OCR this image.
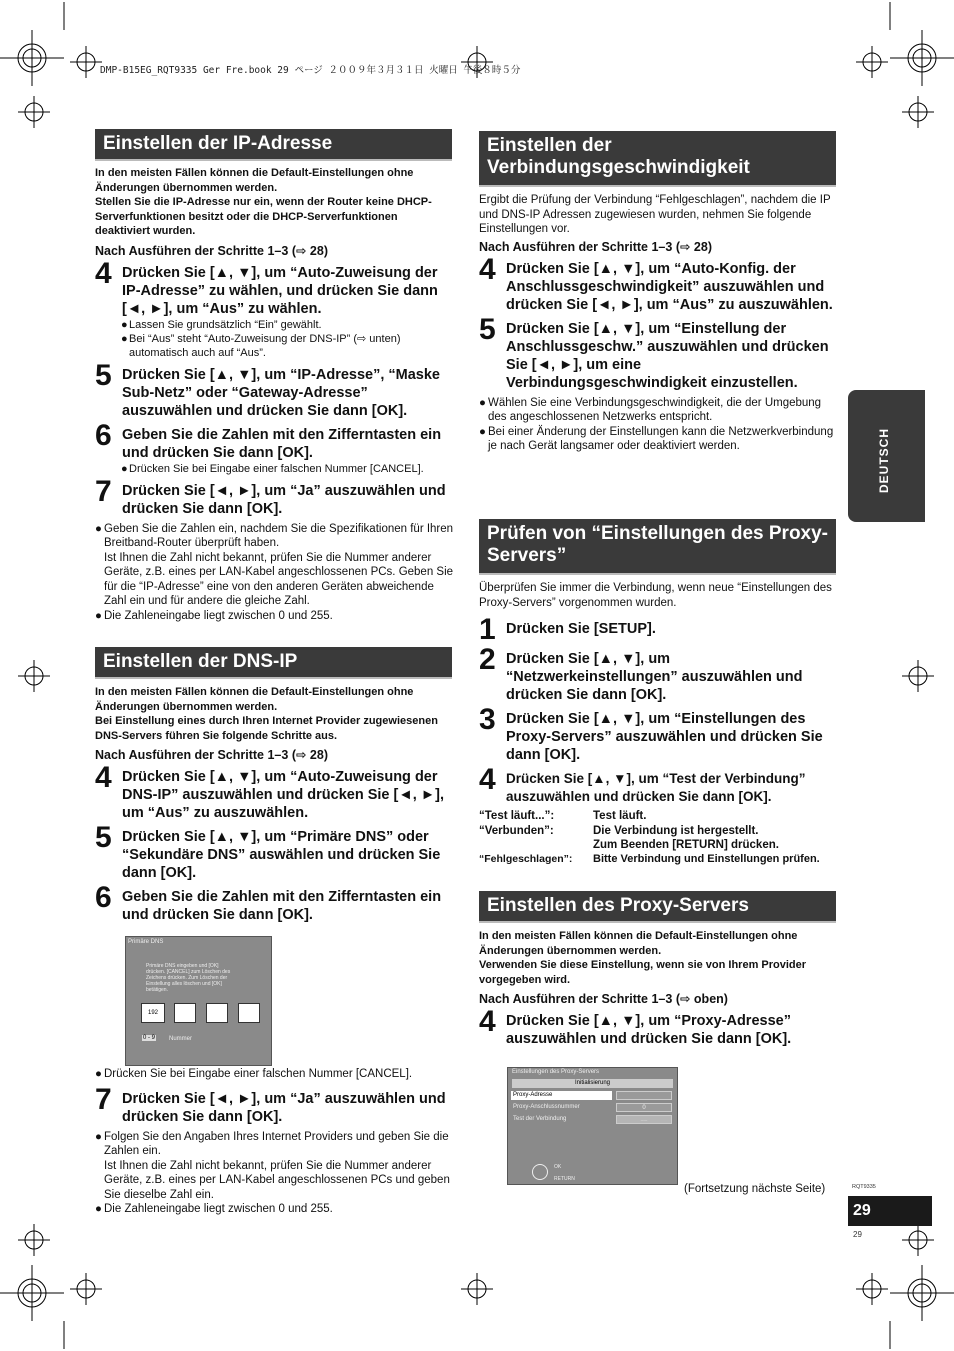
DMP-B15EG_RQT9335 Ger Fre.book 29 ページ ２００９年３月３１日 火曜日 午後８時５分
Einstellen der IP-Adresse

In den meisten Fällen können die Default-Einstellungen ohne Änderungen übernommen werden.
Stellen Sie die IP-Adresse nur ein, wenn der Router keine DHCP-Serverfunktionen besitzt oder die DHCP-Serverfunktionen deaktiviert wurden.

Nach Ausführen der Schritte 1–3 (⇨ 28)
4 Drücken Sie [▲, ▼], um “Auto-Zuweisung der IP-Adresse” zu wählen, und drücken Sie dann [◄, ►], um “Aus” zu wählen.
● Lassen Sie grundsätzlich “Ein” gewählt.
● Bei “Aus” steht “Auto-Zuweisung der DNS-IP” (⇨ unten) automatisch auch auf “Aus”.
5 Drücken Sie [▲, ▼], um “IP-Adresse”, “Maske Sub-Netz” oder “Gateway-Adresse” auszuwählen und drücken Sie dann [OK].
6 Geben Sie die Zahlen mit den Zifferntasten ein und drücken Sie dann [OK].
● Drücken Sie bei Eingabe einer falschen Nummer [CANCEL].
7 Drücken Sie [◄, ►], um “Ja” auszuwählen und drücken Sie dann [OK].
● Geben Sie die Zahlen ein, nachdem Sie die Spezifikationen für Ihren Breitband-Router überprüft haben.

Ist Ihnen die Zahl nicht bekannt, prüfen Sie die Nummer anderer Geräte, z.B. eines per LAN-Kabel angeschlossenen PCs. Geben Sie für die “IP-Adresse” eine von den anderen Geräten abweichende Zahl ein und für andere die gleiche Zahl.

● Die Zahleneingabe liegt zwischen 0 und 255.
Einstellen der DNS-IP

In den meisten Fällen können die Default-Einstellungen ohne Änderungen übernommen werden.
Bei Einstellung eines durch Ihren Internet Provider zugewiesenen DNS-Servers führen Sie folgende Schritte aus.

Nach Ausführen der Schritte 1–3 (⇨ 28)
4 Drücken Sie [▲, ▼], um “Auto-Zuweisung der DNS-IP” auszuwählen und drücken Sie [◄, ►], um “Aus” zu auszuwählen.
5 Drücken Sie [▲, ▼], um “Primäre DNS” oder “Sekundäre DNS” auswählen und drücken Sie dann [OK].
6 Geben Sie die Zahlen mit den Zifferntasten ein und drücken Sie dann [OK].
Primäre DNS
Primäre DNS eingeben und [OK] drücken. [CANCEL] zum Löschen des Zeichens drücken. Zum Löschen der Einstellung alles löschen und [OK] betätigen.
192
0 - 9 Nummer
● Drücken Sie bei Eingabe einer falschen Nummer [CANCEL].
7 Drücken Sie [◄, ►], um “Ja” auszuwählen und drücken Sie dann [OK].
● Folgen Sie den Angaben Ihres Internet Providers und geben Sie die Zahlen ein.

Ist Ihnen die Zahl nicht bekannt, prüfen Sie die Nummer anderer Geräte, z.B. eines per LAN-Kabel angeschlossenen PCs und geben Sie dieselbe Zahl ein.

● Die Zahleneingabe liegt zwischen 0 und 255.
Einstellen der Verbindungsgeschwindigkeit

Ergibt die Prüfung der Verbindung “Fehlgeschlagen”, nachdem die IP und DNS-IP Adressen zugewiesen wurden, nehmen Sie folgende Einstellungen vor.

Nach Ausführen der Schritte 1–3 (⇨ 28)
4 Drücken Sie [▲, ▼], um “Auto-Konfig. der Anschlussgeschwindigkeit” auszuwählen und drücken Sie [◄, ►], um “Aus” zu auszuwählen.
5 Drücken Sie [▲, ▼], um “Einstellung der Anschlussgeschw.” auszuwählen und drücken Sie [◄, ►], um eine Verbindungsgeschwindigkeit einzustellen.
● Wählen Sie eine Verbindungsgeschwindigkeit, die der Umgebung des angeschlossenen Netzwerks entspricht.
● Bei einer Änderung der Einstellungen kann die Netzwerkverbindung je nach Gerät langsamer oder deaktiviert werden.
Prüfen von “Einstellungen des Proxy-Servers”

Überprüfen Sie immer die Verbindung, wenn neue “Einstellungen des Proxy-Servers” vorgenommen wurden.

1 Drücken Sie [SETUP].
2 Drücken Sie [▲, ▼], um “Netzwerkeinstellungen” auszuwählen und drücken Sie dann [OK].
3 Drücken Sie [▲, ▼], um “Einstellungen des Proxy-Servers” auszuwählen und drücken Sie dann [OK].
4 Drücken Sie [▲, ▼], um “Test der Verbindung” auszuwählen und drücken Sie dann [OK].
“Test läuft...”:	Test läuft.
“Verbunden”:	Die Verbindung ist hergestellt.
Zum Beenden [RETURN] drücken.
“Fehlgeschlagen”: Bitte Verbindung und Einstellungen prüfen.
Einstellen des Proxy-Servers

In den meisten Fällen können die Default-Einstellungen ohne Änderungen übernommen werden.
Verwenden Sie diese Einstellung, wenn sie von Ihrem Provider vorgegeben wird.

Nach Ausführen der Schritte 1–3 (⇨ oben)
4 Drücken Sie [▲, ▼], um “Proxy-Adresse” auszuwählen und drücken Sie dann [OK].
Einstellungen des Proxy-Servers
Initialisierung
Proxy-Adresse
Proxy-Anschlussnummer	0
Test der Verbindung	-----
OK
RETURN
(Fortsetzung nächste Seite)
DEUTSCH
RQT9335
29
29
